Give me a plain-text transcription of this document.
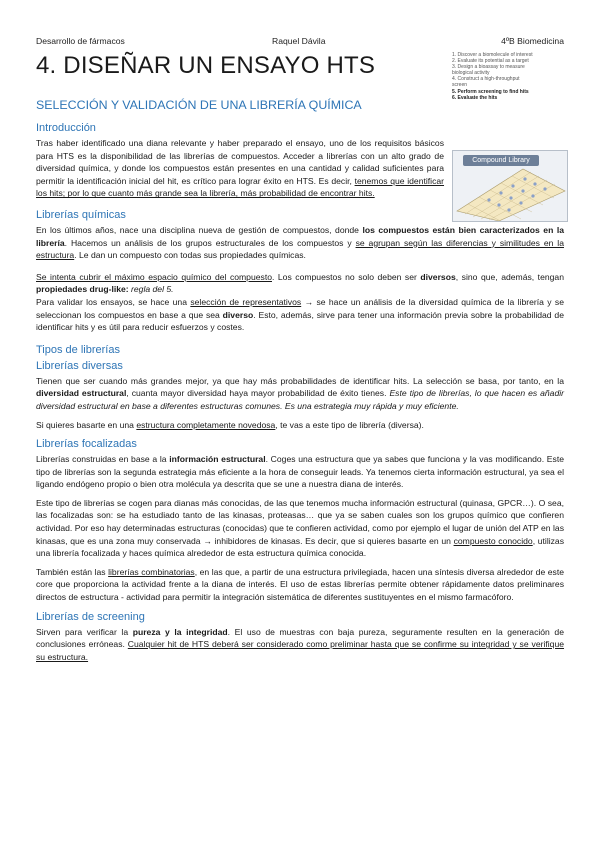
Desarrollo de fármacos	Raquel Dávila	4ºB Biomedicina
4. DISEÑAR UN ENSAYO HTS	1. Discover a biomolecule of interest
2. Evaluate its potential as a target
3. Design a bioassay to measure
biological activity
4. Construct a high-throughput
screen
5. Perform screening to find hits
6. Evaluate the hits
Compound Library
SELECCIÓN Y VALIDACIÓN DE UNA LIBRERÍA QUÍMICA
Introducción

Tras haber identificado una diana relevante y haber preparado el ensayo, uno de los requisitos básicos para HTS es la disponibilidad de las librerías de compuestos. Acceder a librerías con un alto grado de diversidad química, y donde los compuestos están presentes en una cantidad y calidad suficientes para permitir la identificación inicial del hit, es crítico para lograr éxito en HTS. Es decir, tenemos que identificar los hits; por lo que cuanto más grande sea la librería, más probabilidad de encontrar hits.

Librerías químicas

En los últimos años, nace una disciplina nueva de gestión de compuestos, donde los compuestos están bien caracterizados en la librería. Hacemos un análisis de los grupos estructurales de los compuestos y se agrupan según las diferencias y similitudes en la estructura. Le dan un compuesto con todas sus propiedades químicas.

Se intenta cubrir el máximo espacio químico del compuesto. Los compuestos no solo deben ser diversos, sino que, además, tengan propiedades drug-like: regla del 5.

Para validar los ensayos, se hace una selección de representativos → se hace un análisis de la diversidad química de la librería y se seleccionan los compuestos en base a que sea diverso. Esto, además, sirve para tener una información previa sobre la probabilidad de identificar hits y es útil para reducir esfuerzos y costes.

Tipos de librerías
Librerías diversas

Tienen que ser cuando más grandes mejor, ya que hay más probabilidades de identificar hits. La selección se basa, por tanto, en la diversidad estructural, cuanta mayor diversidad haya mayor probabilidad de éxito tienes. Este tipo de librerías, lo que hacen es añadir diversidad estructural en base a diferentes estructuras comunes. Es una estrategia muy rápida y muy eficiente.

Si quieres basarte en una estructura completamente novedosa, te vas a este tipo de librería (diversa).

Librerías focalizadas

Librerías construidas en base a la información estructural. Coges una estructura que ya sabes que funciona y la vas modificando. Este tipo de librerías son la segunda estrategia más eficiente a la hora de conseguir leads. Ya tenemos cierta información estructural, ya sea el ligando endógeno propio o bien otra molécula ya descrita que se une a nuestra diana de interés.

Este tipo de librerías se cogen para dianas más conocidas, de las que tenemos mucha información estructural (quinasa, GPCR…). O sea, las focalizadas son: se ha estudiado tanto de las kinasas, proteasas… que ya se saben cuales son los grupos químico que confieren actividad. Por eso hay determinadas estructuras (conocidas) que te confieren actividad, como por ejemplo el lugar de unión del ATP en las kinasas, que es una zona muy conservada → inhibidores de kinasas. Es decir, que si quieres basarte en un compuesto conocido, utilizas una librería focalizada y haces química alrededor de esta estructura química conocida.

También están las librerías combinatorias, en las que, a partir de una estructura privilegiada, hacen una síntesis diversa alrededor de este core que proporciona la actividad frente a la diana de interés. El uso de estas librerías permite obtener rápidamente datos preliminares directos de estructura - actividad para permitir la integración sistemática de diferentes sustituyentes en el mismo farmacóforo.

Librerías de screening

Sirven para verificar la pureza y la integridad. El uso de muestras con baja pureza, seguramente resulten en la generación de conclusiones erróneas. Cualquier hit de HTS deberá ser considerado como preliminar hasta que se confirme su integridad y se verifique su estructura.
